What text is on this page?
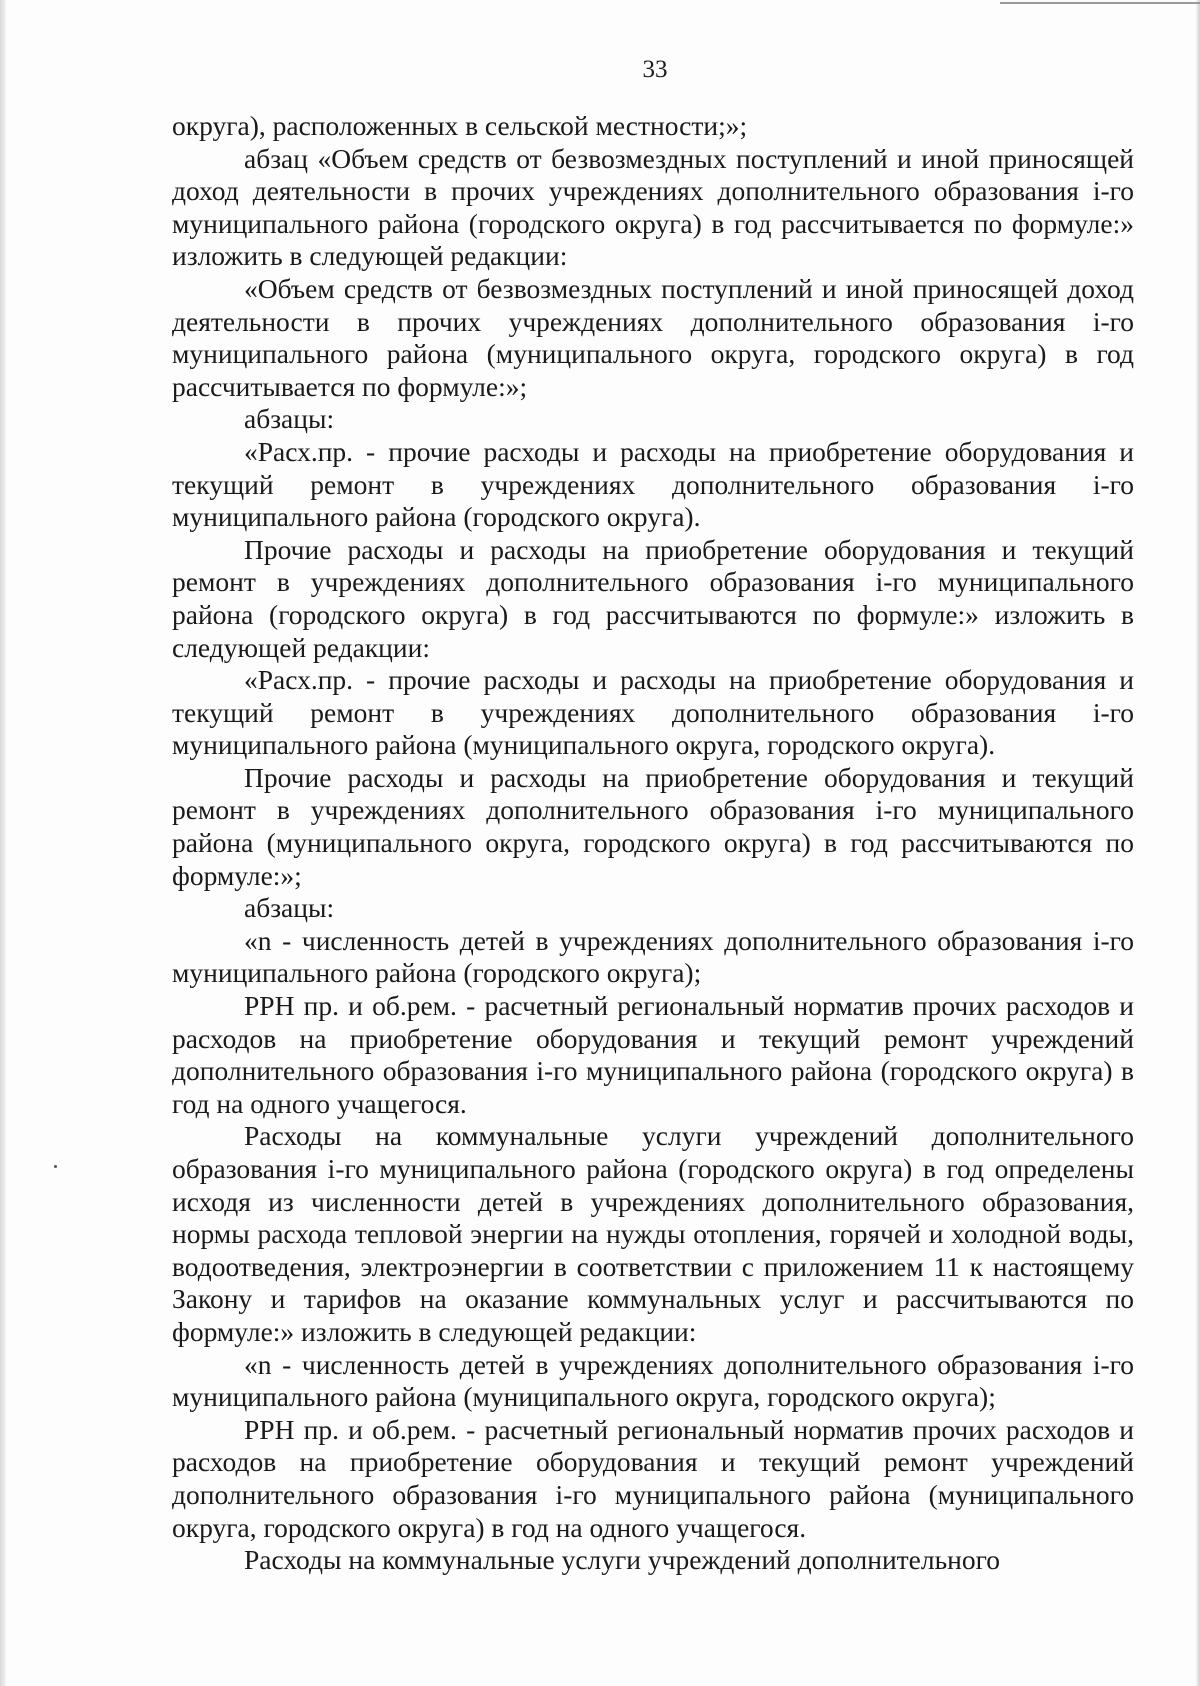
33

округа), расположенных в сельской местности;»;

абзац «Объем средств от безвозмездных поступлений и иной приносящей доход деятельности в прочих учреждениях дополнительного образования і-го муниципального района (городского округа) в год рассчитывается по формуле:» изложить в следующей редакции:

«Объем средств от безвозмездных поступлений и иной приносящей доход деятельности в прочих учреждениях дополнительного образования і-го муниципального района (муниципального округа, городского округа) в год рассчитывается по формуле:»;

абзацы:

«Расх.пр. - прочие расходы и расходы на приобретение оборудования и текущий ремонт в учреждениях дополнительного образования і-го муниципального района (городского округа).

Прочие расходы и расходы на приобретение оборудования и текущий ремонт в учреждениях дополнительного образования і-го муниципального района (городского округа) в год рассчитываются по формуле:» изложить в следующей редакции:

«Расх.пр. - прочие расходы и расходы на приобретение оборудования и текущий ремонт в учреждениях дополнительного образования і-го муниципального района (муниципального округа, городского округа).

Прочие расходы и расходы на приобретение оборудования и текущий ремонт в учреждениях дополнительного образования і-го муниципального района (муниципального округа, городского округа) в год рассчитываются по формуле:»;

абзацы:

«n - численность детей в учреждениях дополнительного образования і-го муниципального района (городского округа);

РРН пр. и об.рем. - расчетный региональный норматив прочих расходов и расходов на приобретение оборудования и текущий ремонт учреждений дополнительного образования і-го муниципального района (городского округа) в год на одного учащегося.

Расходы на коммунальные услуги учреждений дополнительного образования і-го муниципального района (городского округа) в год определены исходя из численности детей в учреждениях дополнительного образования, нормы расхода тепловой энергии на нужды отопления, горячей и холодной воды, водоотведения, электроэнергии в соответствии с приложением 11 к настоящему Закону и тарифов на оказание коммунальных услуг и рассчитываются по формуле:» изложить в следующей редакции:

«n - численность детей в учреждениях дополнительного образования і-го муниципального района (муниципального округа, городского округа);

РРН пр. и об.рем. - расчетный региональный норматив прочих расходов и расходов на приобретение оборудования и текущий ремонт учреждений дополнительного образования і-го муниципального района (муниципального округа, городского округа) в год на одного учащегося.

Расходы на коммунальные услуги учреждений дополнительного
